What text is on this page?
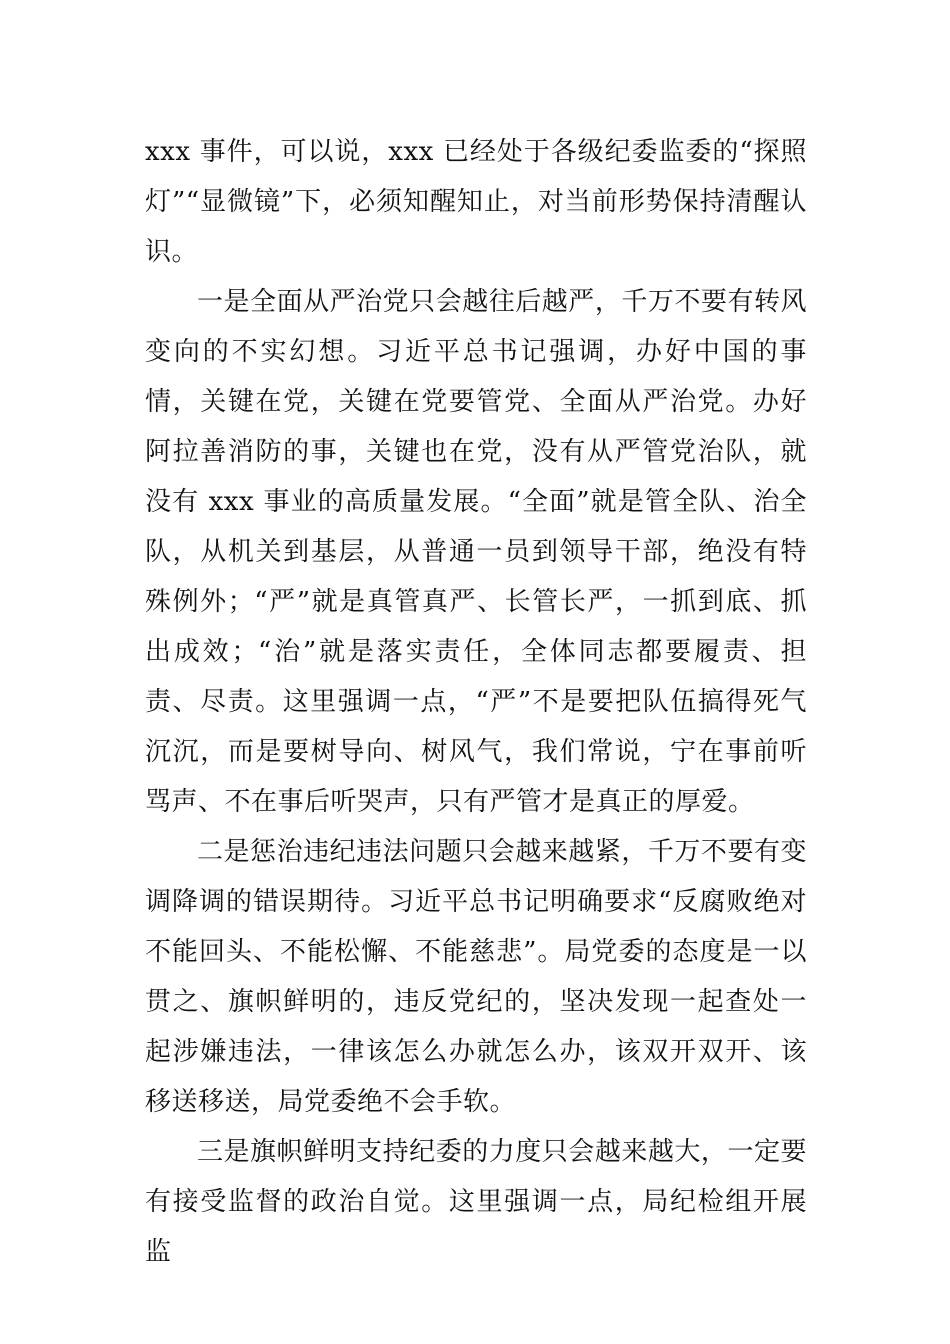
xxx 事件，可以说，xxx 已经处于各级纪委监委的“探照灯”“显微镜”下，必须知醒知止，对当前形势保持清醒认识。

一是全面从严治党只会越往后越严，千万不要有转风变向的不实幻想。习近平总书记强调，办好中国的事情，关键在党，关键在党要管党、全面从严治党。办好阿拉善消防的事，关键也在党，没有从严管党治队，就没有 xxx 事业的高质量发展。“全面”就是管全队、治全队，从机关到基层，从普通一员到领导干部，绝没有特殊例外；“严”就是真管真严、长管长严，一抓到底、抓出成效；“治”就是落实责任，全体同志都要履责、担责、尽责。这里强调一点，“严”不是要把队伍搞得死气沉沉，而是要树导向、树风气，我们常说，宁在事前听骂声、不在事后听哭声，只有严管才是真正的厚爱。

二是惩治违纪违法问题只会越来越紧，千万不要有变调降调的错误期待。习近平总书记明确要求“反腐败绝对不能回头、不能松懈、不能慈悲”。局党委的态度是一以贯之、旗帜鲜明的，违反党纪的，坚决发现一起查处一起涉嫌违法，一律该怎么办就怎么办，该双开双开、该移送移送，局党委绝不会手软。

三是旗帜鲜明支持纪委的力度只会越来越大，一定要有接受监督的政治自觉。这里强调一点，局纪检组开展监
